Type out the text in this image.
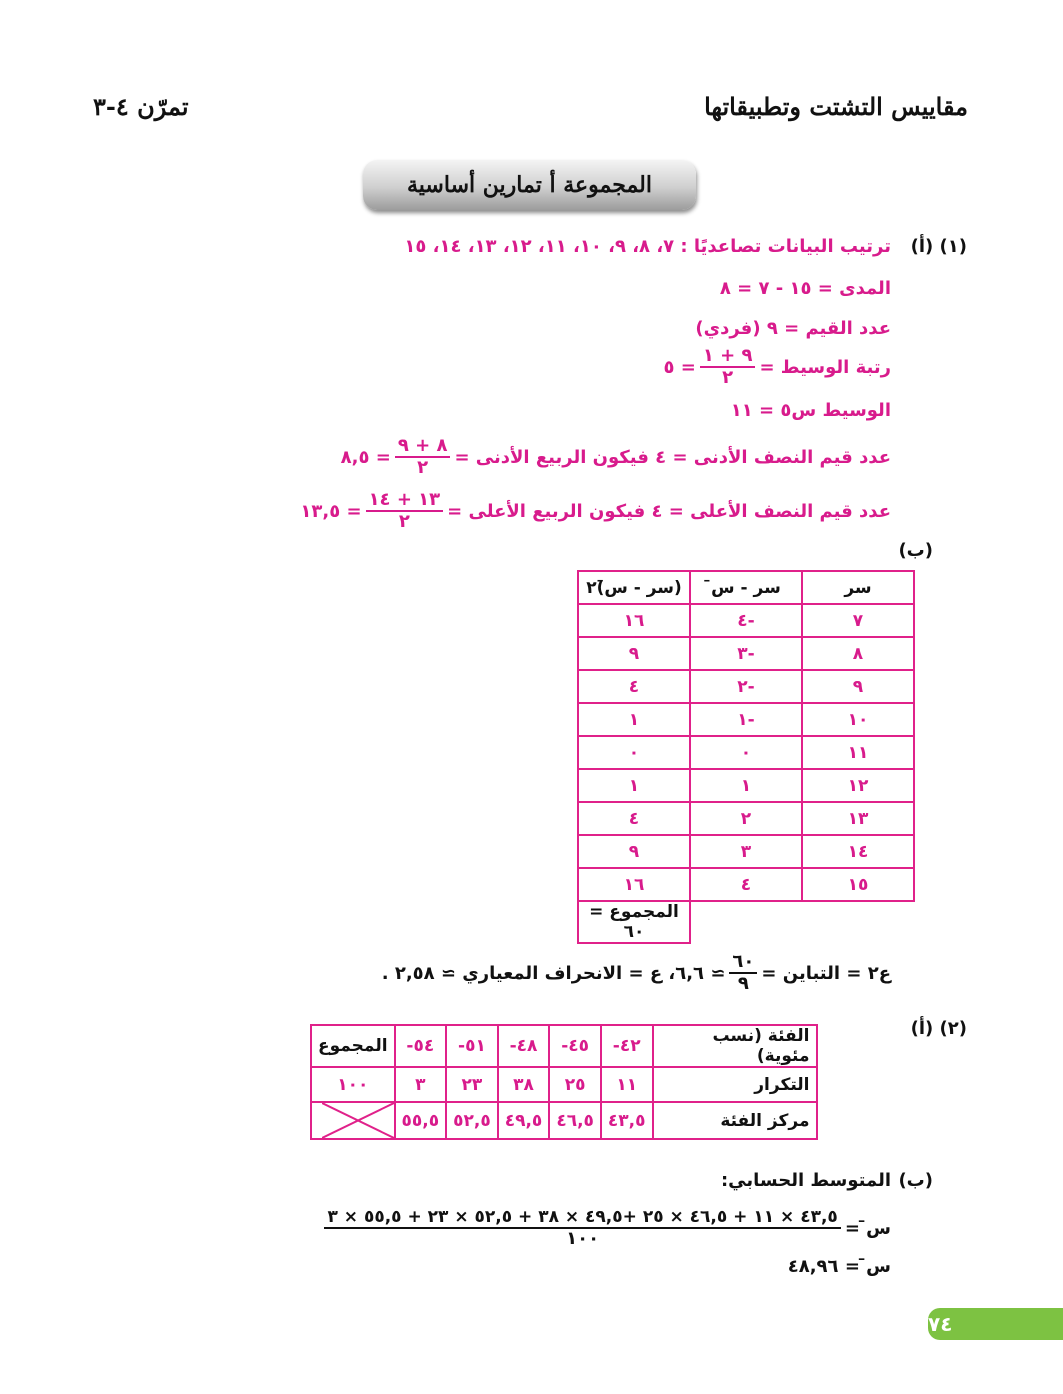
مقاييس التشتت وتطبيقاتها
تمرّن ٤-٣
المجموعة أ تمارين أساسية
(١) (أ)
ترتيب البيانات تصاعديًا : ٧، ٨، ٩، ١٠، ١١، ١٢، ١٣، ١٤، ١٥
المدى = ١٥ - ٧ = ٨
عدد القيم = ٩ (فردي)
رتبة الوسيط =
$\frac{٩ + ١}{٢}$
= ٥
الوسيط س٥ = ١١
عدد قيم النصف الأدنى = ٤ فيكون الربيع الأدنى =
$\frac{٨ + ٩}{٢}$
= ٨,٥
عدد قيم النصف الأعلى = ٤ فيكون الربيع الأعلى =
$\frac{١٣ + ١٤}{٢}$
= ١٣,٥
(ب)
سر	سر - س̄	(سر - س̄)٢
٧	-٤	١٦
٨	-٣	٩
٩	-٢	٤
١٠	-١	١
١١	٠	٠
١٢	١	١
١٣	٢	٤
١٤	٣	٩
١٥	٤	١٦
		المجموع = ٦٠
ع٢ = التباين =
$\frac{٦٠}{٩}$
≃ ٦,٦، ع = الانحراف المعياري ≃ ٢,٥٨ .
(٢) (أ)
الفئة (نسب مئوية)	٤٢-	٤٥-	٤٨-	٥١-	٥٤-	المجموع
التكرار	١١	٢٥	٣٨	٢٣	٣	١٠٠
مركز الفئة	٤٣,٥	٤٦,٥	٤٩,٥	٥٢,٥	٥٥,٥	
(ب)
المتوسط الحسابي:
س̄ =
$\frac{٤٣,٥ \times ١١ + ٤٦,٥ \times ٢٥ +٤٩,٥ \times ٣٨ + ٥٢,٥ \times ٢٣ + ٥٥,٥ \times ٣}{١٠٠}$
س̄ = ٤٨,٩٦
٧٤
